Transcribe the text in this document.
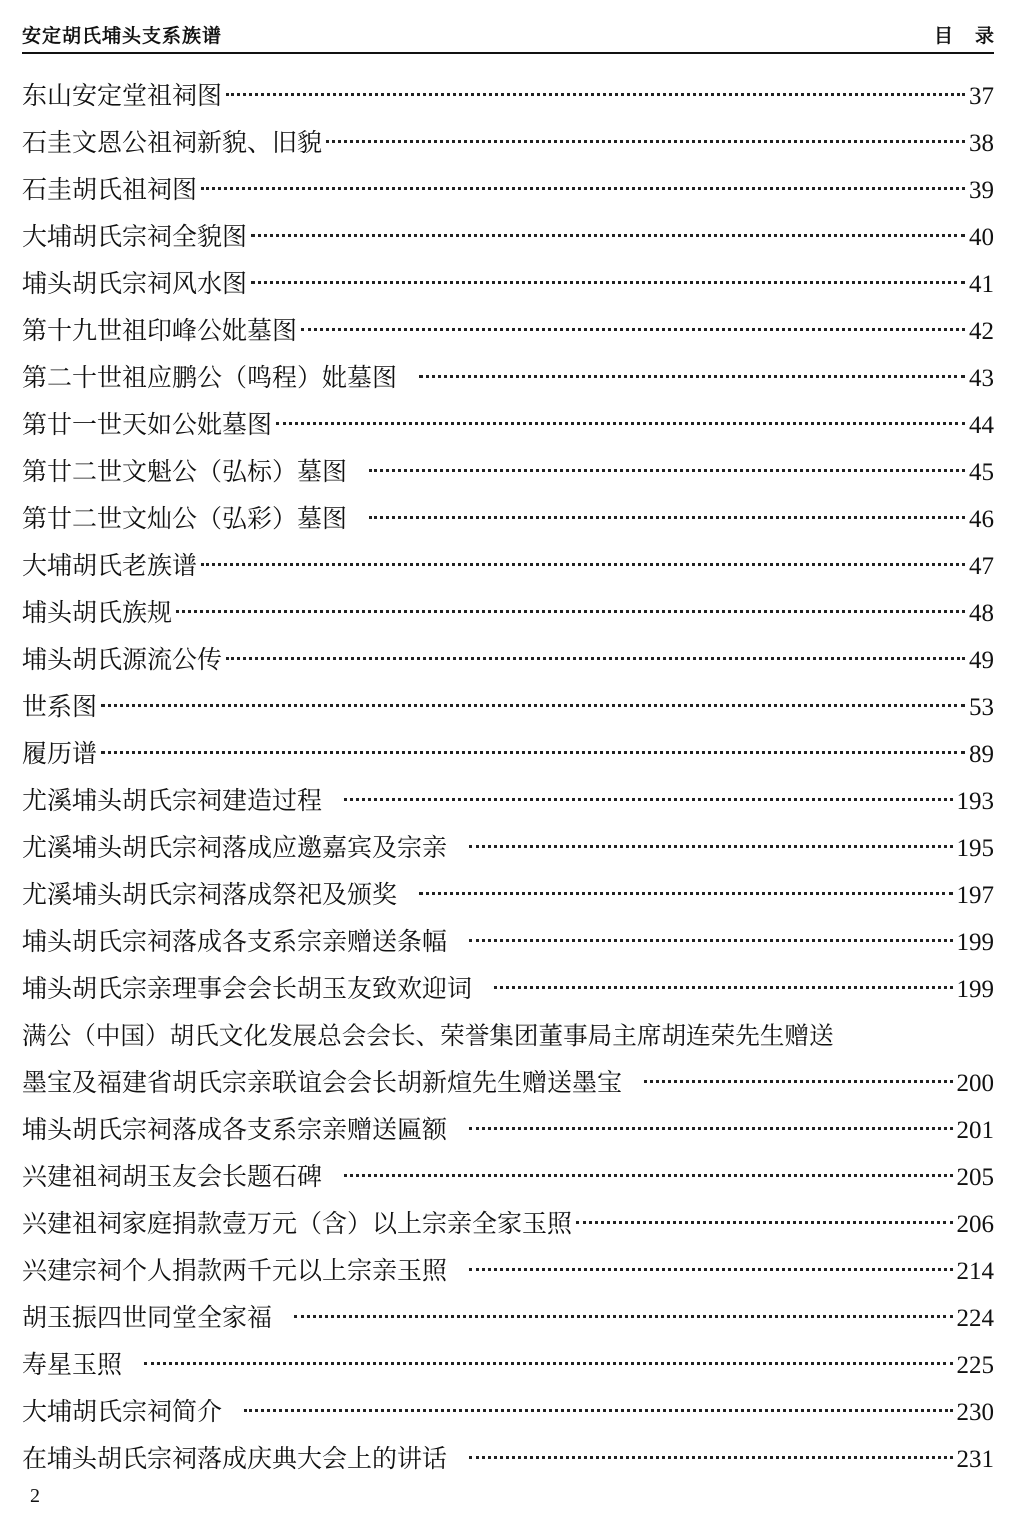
安定胡氏埔头支系族谱	目录
东山安定堂祖祠图	37
石圭文恩公祖祠新貌、旧貌	38
石圭胡氏祖祠图	39
大埔胡氏宗祠全貌图	40
埔头胡氏宗祠风水图	41
第十九世祖印峰公妣墓图	42
第二十世祖应鹏公（鸣程）妣墓图	43
第廿一世天如公妣墓图	44
第廿二世文魁公（弘标）墓图	45
第廿二世文灿公（弘彩）墓图	46
大埔胡氏老族谱	47
埔头胡氏族规	48
埔头胡氏源流公传	49
世系图	53
履历谱	89
尤溪埔头胡氏宗祠建造过程	193
尤溪埔头胡氏宗祠落成应邀嘉宾及宗亲	195
尤溪埔头胡氏宗祠落成祭祀及颁奖	197
埔头胡氏宗祠落成各支系宗亲赠送条幅	199
埔头胡氏宗亲理事会会长胡玉友致欢迎词	199
满公（中国）胡氏文化发展总会会长、荣誉集团董事局主席胡连荣先生赠送
墨宝及福建省胡氏宗亲联谊会会长胡新煊先生赠送墨宝	200
埔头胡氏宗祠落成各支系宗亲赠送匾额	201
兴建祖祠胡玉友会长题石碑	205
兴建祖祠家庭捐款壹万元（含）以上宗亲全家玉照	206
兴建宗祠个人捐款两千元以上宗亲玉照	214
胡玉振四世同堂全家福	224
寿星玉照	225
大埔胡氏宗祠简介	230
在埔头胡氏宗祠落成庆典大会上的讲话	231
2
